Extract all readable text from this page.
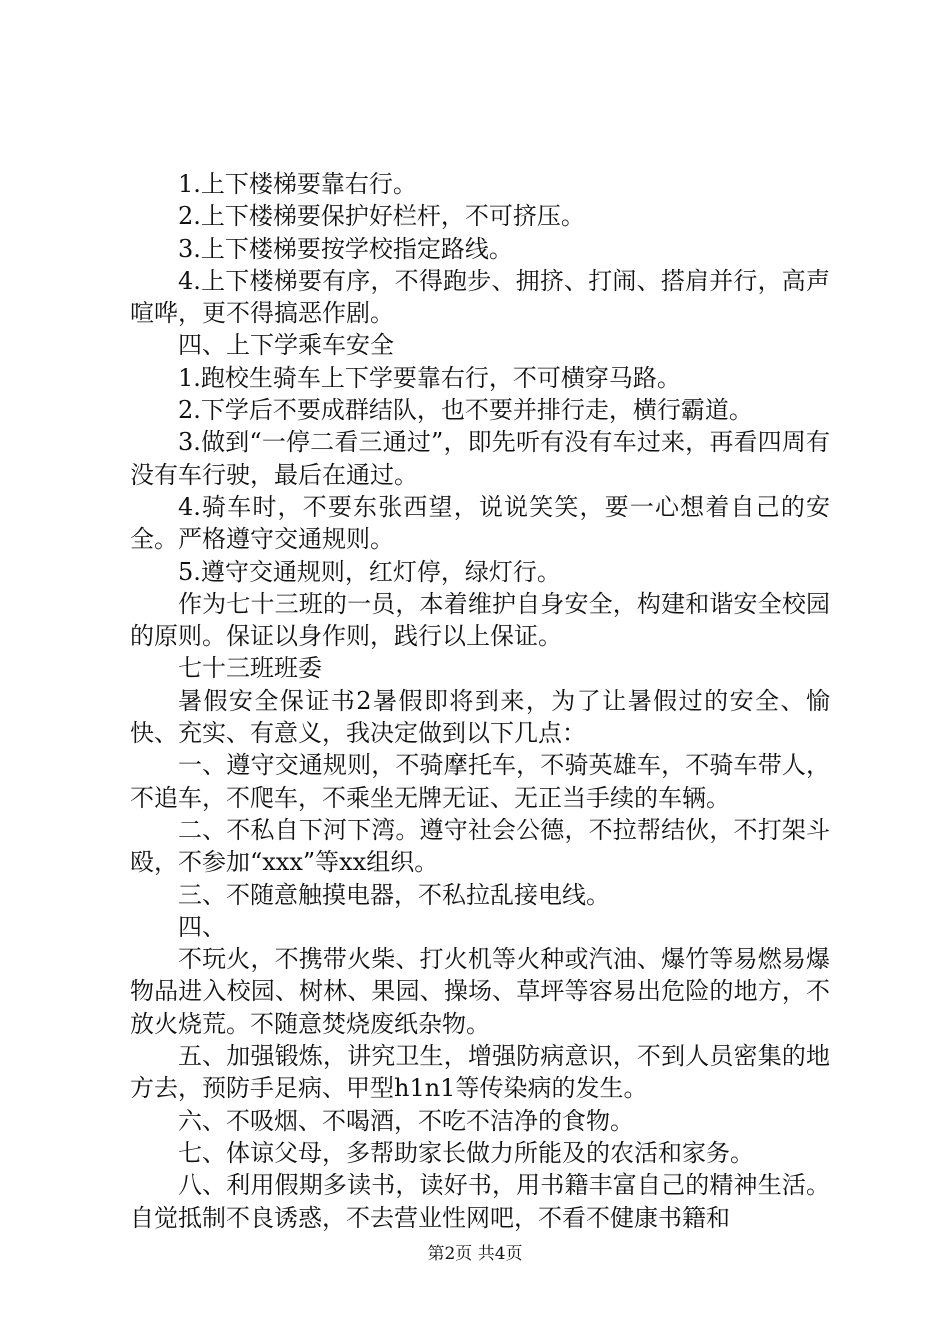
1.上下楼梯要靠右行。

2.上下楼梯要保护好栏杆，不可挤压。

3.上下楼梯要按学校指定路线。

4.上下楼梯要有序，不得跑步、拥挤、打闹、搭肩并行，高声喧哗，更不得搞恶作剧。

四、上下学乘车安全

1.跑校生骑车上下学要靠右行，不可横穿马路。

2.下学后不要成群结队，也不要并排行走，横行霸道。

3.做到“一停二看三通过”，即先听有没有车过来，再看四周有没有车行驶，最后在通过。

4.骑车时，不要东张西望，说说笑笑，要一心想着自己的安全。严格遵守交通规则。

5.遵守交通规则，红灯停，绿灯行。

作为七十三班的一员，本着维护自身安全，构建和谐安全校园的原则。保证以身作则，践行以上保证。

七十三班班委

暑假安全保证书2暑假即将到来，为了让暑假过的安全、愉快、充实、有意义，我决定做到以下几点：

一、遵守交通规则，不骑摩托车，不骑英雄车，不骑车带人，不追车，不爬车，不乘坐无牌无证、无正当手续的车辆。

二、不私自下河下湾。遵守社会公德，不拉帮结伙，不打架斗殴，不参加“xxx”等xx组织。

三、不随意触摸电器，不私拉乱接电线。

四、

不玩火，不携带火柴、打火机等火种或汽油、爆竹等易燃易爆物品进入校园、树林、果园、操场、草坪等容易出危险的地方，不放火烧荒。不随意焚烧废纸杂物。

五、加强锻炼，讲究卫生，增强防病意识，不到人员密集的地方去，预防手足病、甲型h1n1等传染病的发生。

六、不吸烟、不喝酒，不吃不洁净的食物。

七、体谅父母，多帮助家长做力所能及的农活和家务。

八、利用假期多读书，读好书，用书籍丰富自己的精神生活。自觉抵制不良诱惑，不去营业性网吧，不看不健康书籍和

第2页 共4页
